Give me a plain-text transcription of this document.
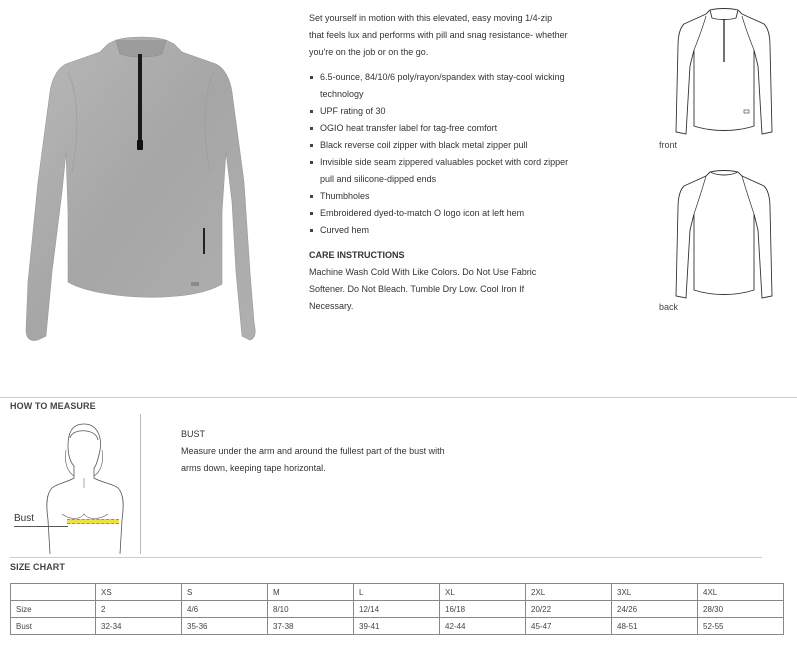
Set yourself in motion with this elevated, easy moving 1/4-zip that feels lux and performs with pill and snag resistance- whether you're on the job or on the go.

6.5-ounce, 84/10/6 poly/rayon/spandex with stay-cool wicking technology
UPF rating of 30
OGIO heat transfer label for tag-free comfort
Black reverse coil zipper with black metal zipper pull
Invisible side seam zippered valuables pocket with cord zipper pull and silicone-dipped ends
Thumbholes
Embroidered dyed-to-match O logo icon at left hem
Curved hem
CARE INSTRUCTIONS

Machine Wash Cold With Like Colors. Do Not Use Fabric Softener. Do Not Bleach. Tumble Dry Low. Cool Iron If Necessary.

front
back
HOW TO MEASURE
Bust

BUST

Measure under the arm and around the fullest part of the bust with arms down, keeping tape horizontal.

SIZE CHART
	XS	S	M	L	XL	2XL	3XL	4XL
Size	2	4/6	8/10	12/14	16/18	20/22	24/26	28/30
Bust	32-34	35-36	37-38	39-41	42-44	45-47	48-51	52-55
